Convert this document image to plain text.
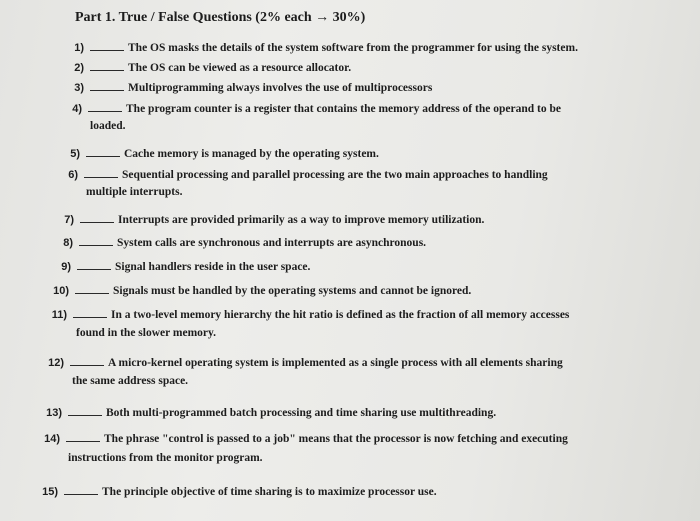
Part 1. True / False Questions (2% each → 30%)
1)	The OS masks the details of the system software from the programmer for using the system.
2)	The OS can be viewed as a resource allocator.
3)	Multiprogramming always involves the use of multiprocessors
4)	The program counter is a register that contains the memory address of the operand to be
loaded.
5)	Cache memory is managed by the operating system.
6)	Sequential processing and parallel processing are the two main approaches to handling
multiple interrupts.
7)	Interrupts are provided primarily as a way to improve memory utilization.
8)	System calls are synchronous and interrupts are asynchronous.
9)	Signal handlers reside in the user space.
10)	Signals must be handled by the operating systems and cannot be ignored.
11)	In a two-level memory hierarchy the hit ratio is defined as the fraction of all memory accesses
found in the slower memory.
12)	A micro-kernel operating system is implemented as a single process with all elements sharing
the same address space.
13)	Both multi-programmed batch processing and time sharing use multithreading.
14)	The phrase "control is passed to a job" means that the processor is now fetching and executing
instructions from the monitor program.
15)	The principle objective of time sharing is to maximize processor use.
